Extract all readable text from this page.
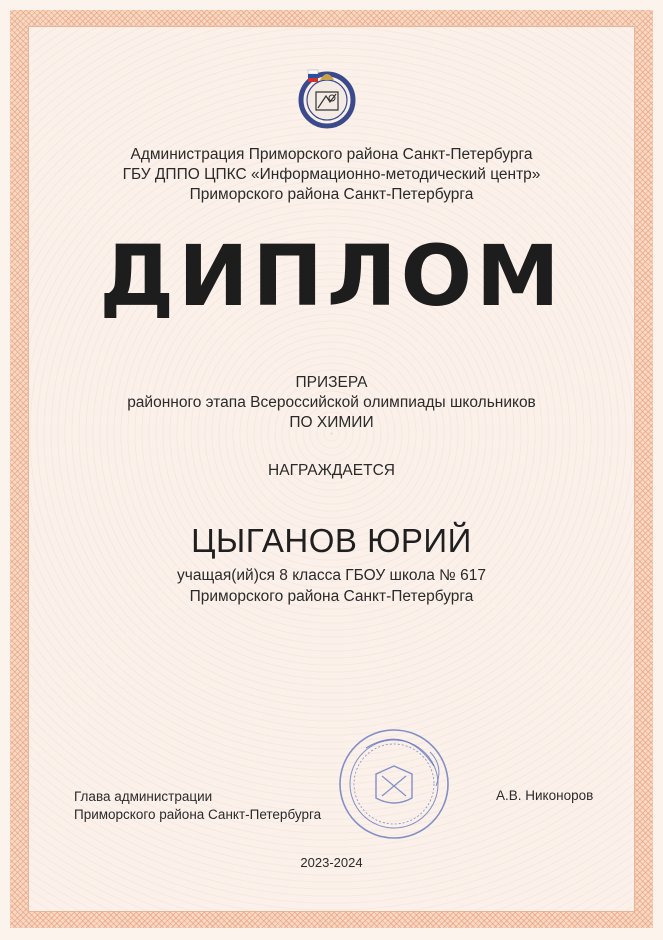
Администрация Приморского района Санкт-Петербурга
ГБУ ДППО ЦПКС «Информационно-методический центр»
Приморского района Санкт-Петербурга
ДИПЛОМ
ПРИЗЕРА
районного этапа Всероссийской олимпиады школьников
ПО ХИМИИ
НАГРАЖДАЕТСЯ
ЦЫГАНОВ ЮРИЙ
учащая(ий)ся 8 класса ГБОУ школа № 617
Приморского района Санкт-Петербурга
Глава администрации
Приморского района Санкт-Петербурга
А.В. Никоноров
2023-2024
